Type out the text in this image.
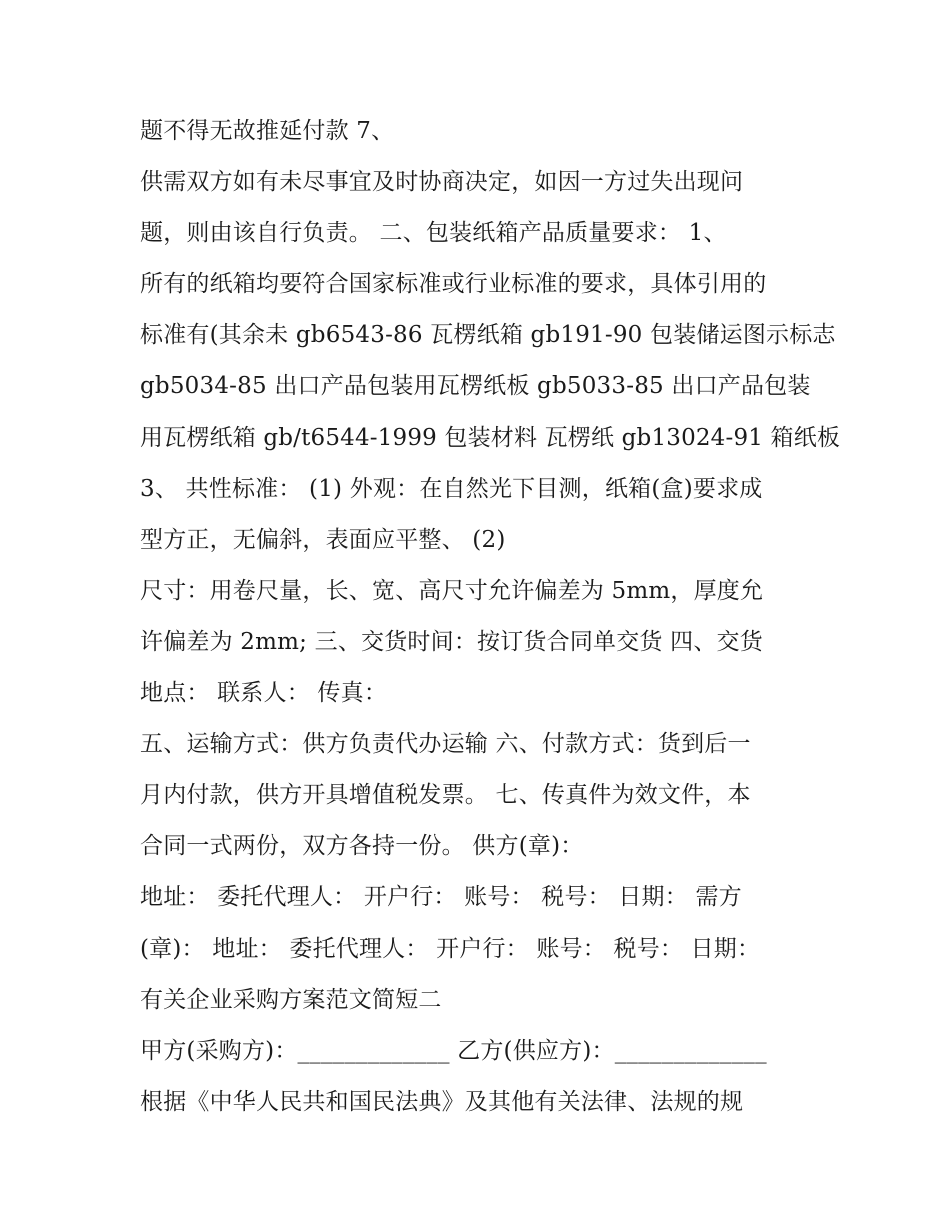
题不得无故推延付款 7、
供需双方如有未尽事宜及时协商决定，如因一方过失出现问
题，则由该自行负责。 二、包装纸箱产品质量要求： 1、
所有的纸箱均要符合国家标准或行业标准的要求，具体引用的
标准有(其余未 gb6543-86 瓦楞纸箱 gb191-90 包装储运图示标志
gb5034-85 出口产品包装用瓦楞纸板 gb5033-85 出口产品包装
用瓦楞纸箱 gb/t6544-1999 包装材料 瓦楞纸 gb13024-91 箱纸板
3、 共性标准： (1) 外观：在自然光下目测，纸箱(盒)要求成
型方正，无偏斜，表面应平整、 (2)
尺寸：用卷尺量，长、宽、高尺寸允许偏差为 5mm，厚度允
许偏差为 2mm; 三、交货时间：按订货合同单交货 四、交货
地点： 联系人： 传真：
五、运输方式：供方负责代办运输 六、付款方式：货到后一
月内付款，供方开具增值税发票。 七、传真件为效文件，本
合同一式两份，双方各持一份。 供方(章)：
地址： 委托代理人： 开户行： 账号： 税号： 日期： 需方
(章)： 地址： 委托代理人： 开户行： 账号： 税号： 日期：
有关企业采购方案范文简短二
甲方(采购方)：_____________ 乙方(供应方)：_____________
根据《中华人民共和国民法典》及其他有关法律、法规的规
